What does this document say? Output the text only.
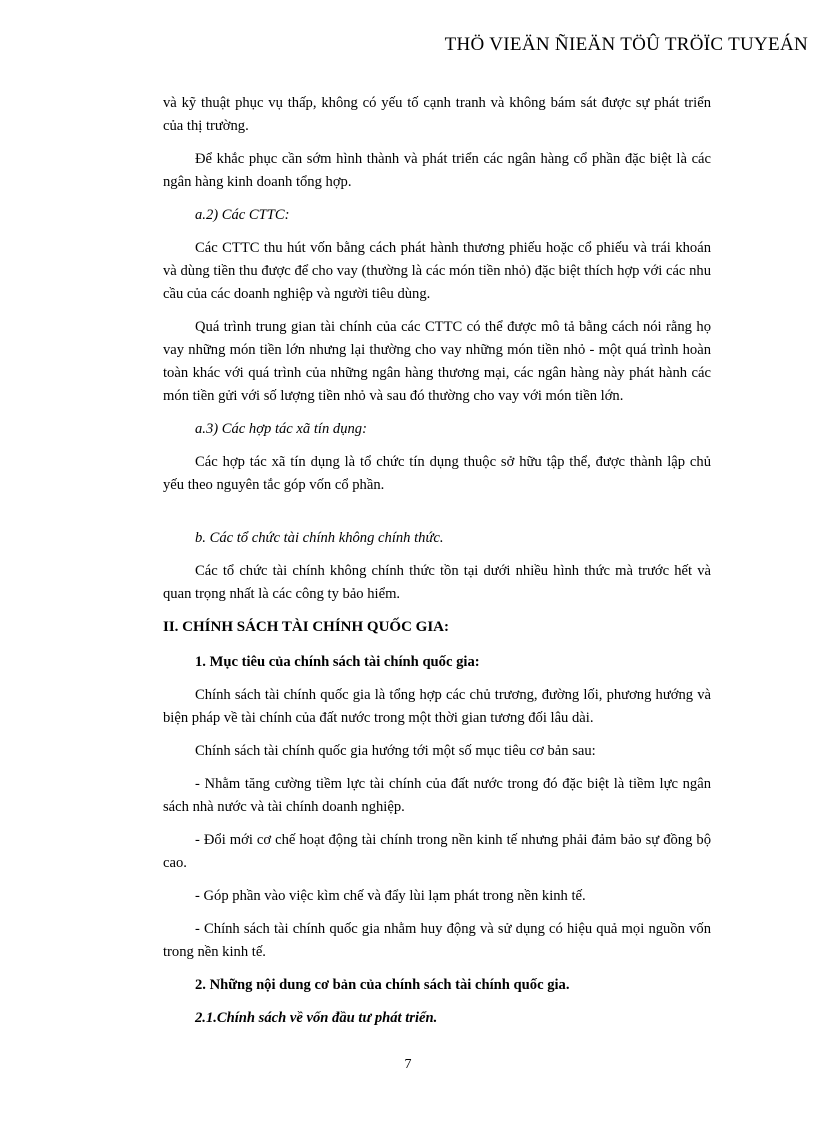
THÖ VIEÄN ÑIEÄN TÖÛ TRÖÏC TUYEÁN

và kỹ thuật phục vụ thấp, không có yếu tố cạnh tranh và không bám sát được sự phát triển của thị trường.

Để khắc phục cần sớm hình thành và phát triển các ngân hàng cổ phần đặc biệt là các ngân hàng kinh doanh tổng hợp.

a.2) Các CTTC:

Các CTTC thu hút vốn bằng cách phát hành thương phiếu hoặc cổ phiếu và trái khoán và dùng tiền thu được để cho vay (thường là các món tiền nhỏ) đặc biệt thích hợp với các nhu cầu của các doanh nghiệp và người tiêu dùng.

Quá trình trung gian tài chính của các CTTC có thể được mô tả bằng cách nói rằng họ vay những món tiền lớn nhưng lại thường cho vay những món tiền nhỏ - một quá trình hoàn toàn khác với quá trình của những ngân hàng thương mại, các ngân hàng này phát hành các món tiền gửi với số lượng tiền nhỏ và sau đó thường cho vay với món tiền lớn.

a.3) Các hợp tác xã tín dụng:

Các hợp tác xã tín dụng là tổ chức tín dụng thuộc sở hữu tập thể, được thành lập chủ yếu theo nguyên tắc góp vốn cổ phần.

b. Các tổ chức tài chính không chính thức.

Các tổ chức tài chính không chính thức tồn tại dưới nhiều hình thức mà trước hết và quan trọng nhất là các công ty bảo hiểm.

II. CHÍNH SÁCH TÀI CHÍNH QUỐC GIA:

1. Mục tiêu của chính sách tài chính quốc gia:

Chính sách tài chính quốc gia là tổng hợp các chủ trương, đường lối, phương hướng và biện pháp về tài chính của đất nước trong một thời gian tương đối lâu dài.

Chính sách tài chính quốc gia hướng tới một số mục tiêu cơ bản sau:

- Nhằm tăng cường tiềm lực tài chính của đất nước trong đó đặc biệt là tiềm lực ngân sách nhà nước và tài chính doanh nghiệp.

- Đổi mới cơ chế hoạt động tài chính trong nền kinh tế nhưng phải đảm bảo sự đồng bộ cao.

- Góp phần vào việc kìm chế và đẩy lùi lạm phát trong nền kinh tế.

- Chính sách tài chính quốc gia nhằm huy động và sử dụng có hiệu quả mọi nguồn vốn trong nền kinh tế.

2. Những nội dung cơ bản của chính sách tài chính quốc gia.

2.1.Chính sách về vốn đầu tư phát triển.

7
